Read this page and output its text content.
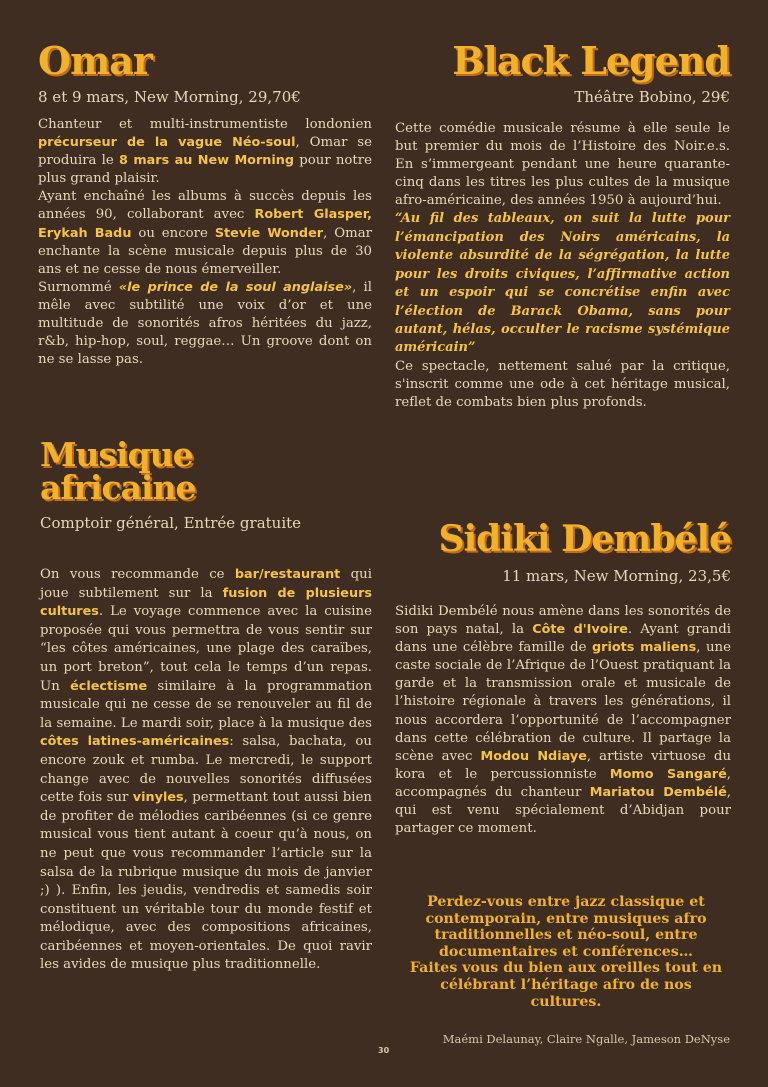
Omar

8 et 9 mars, New Morning, 29,70€

Chanteur et multi-instrumentiste londonien précurseur de la vague Néo-soul, Omar se produira le 8 mars au New Morning pour notre plus grand plaisir.

Ayant enchaîné les albums à succès depuis les années 90, collaborant avec Robert Glasper, Erykah Badu ou encore Stevie Wonder, Omar enchante la scène musicale depuis plus de 30 ans et ne cesse de nous émerveiller.

Surnommé «le prince de la soul anglaise», il mêle avec subtilité une voix d’or et une multitude de sonorités afros héritées du jazz, r&b, hip-hop, soul, reggae… Un groove dont on ne se lasse pas.

Black Legend

Théâtre Bobino, 29€

Cette comédie musicale résume à elle seule le but premier du mois de l’Histoire des Noir.e.s. En s’immergeant pendant une heure quarante-cinq dans les titres les plus cultes de la musique afro-américaine, des années 1950 à aujourd’hui.

“Au fil des tableaux, on suit la lutte pour l’émancipation des Noirs américains, la violente absurdité de la ségrégation, la lutte pour les droits civiques, l’affirmative action et un espoir qui se concrétise enfin avec l’élection de Barack Obama, sans pour autant, hélas, occulter le racisme systémique américain”

Ce spectacle, nettement salué par la critique, s'inscrit comme une ode à cet héritage musical, reflet de combats bien plus profonds.

Musique
africaine

Comptoir général, Entrée gratuite

On vous recommande ce bar/restaurant qui joue subtilement sur la fusion de plusieurs cultures. Le voyage commence avec la cuisine proposée qui vous permettra de vous sentir sur “les côtes américaines, une plage des caraïbes, un port breton”, tout cela le temps d’un repas. Un éclectisme similaire à la programmation musicale qui ne cesse de se renouveler au fil de la semaine. Le mardi soir, place à la musique des côtes latines-américaines: salsa, bachata, ou encore zouk et rumba. Le mercredi, le support change avec de nouvelles sonorités diffusées cette fois sur vinyles, permettant tout aussi bien de profiter de mélodies caribéennes (si ce genre musical vous tient autant à coeur qu’à nous, on ne peut que vous recommander l’article sur la salsa de la rubrique musique du mois de janvier ;) ). Enfin, les jeudis, vendredis et samedis soir constituent un véritable tour du monde festif et mélodique, avec des compositions africaines, caribéennes et moyen-orientales. De quoi ravir les avides de musique plus traditionnelle.

Sidiki Dembélé

11 mars, New Morning, 23,5€

Sidiki Dembélé nous amène dans les sonorités de son pays natal, la Côte d'Ivoire. Ayant grandi dans une célèbre famille de griots maliens, une caste sociale de l’Afrique de l’Ouest pratiquant la garde et la transmission orale et musicale de l’histoire régionale à travers les générations, il nous accordera l’opportunité de l’accompagner dans cette célébration de culture. Il partage la scène avec Modou Ndiaye, artiste virtuose du kora et le percussionniste Momo Sangaré, accompagnés du chanteur Mariatou Dembélé, qui est venu spécialement d’Abidjan pour partager ce moment.

Perdez-vous entre jazz classique et
contemporain, entre musiques afro
traditionnelles et néo-soul, entre
documentaires et conférences…
Faites vous du bien aux oreilles tout en
célébrant l’héritage afro de nos
cultures.
Maémi Delaunay, Claire Ngalle, Jameson DeNyse
30
